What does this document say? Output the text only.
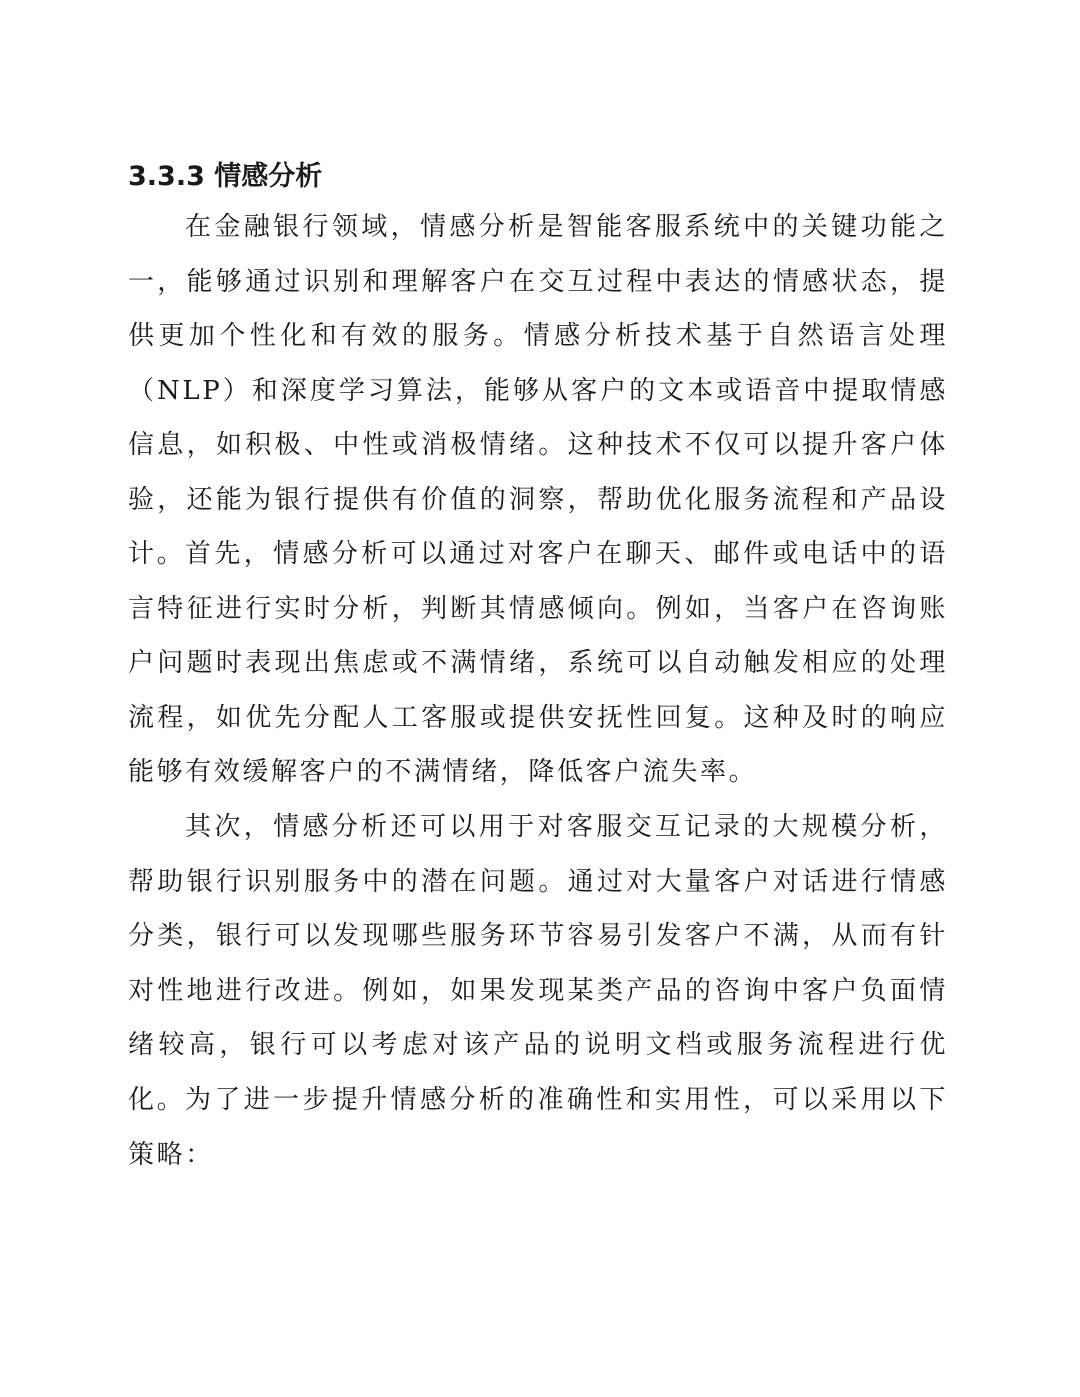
3.3.3 情感分析

在金融银行领域，情感分析是智能客服系统中的关键功能之一，能够通过识别和理解客户在交互过程中表达的情感状态，提供更加个性化和有效的服务。情感分析技术基于自然语言处理（NLP）和深度学习算法，能够从客户的文本或语音中提取情感信息，如积极、中性或消极情绪。这种技术不仅可以提升客户体验，还能为银行提供有价值的洞察，帮助优化服务流程和产品设计。 首先，情感分析可以通过对客户在聊天、邮件或电话中的语言特征进行实时分析，判断其情感倾向。例如，当客户在咨询账户问题时表现出焦虑或不满情绪，系统可以自动触发相应的处理流程，如优先分配人工客服或提供安抚性回复。这种及时的响应能够有效缓解客户的不满情绪，降低客户流失率。

其次，情感分析还可以用于对客服交互记录的大规模分析，帮助银行识别服务中的潜在问题。通过对大量客户对话进行情感分类，银行可以发现哪些服务环节容易引发客户不满，从而有针对性地进行改进。例如，如果发现某类产品的咨询中客户负面情绪较高，银行可以考虑对该产品的说明文档或服务流程进行优化。 为了进一步提升情感分析的准确性和实用性，可以采用以下策略：
